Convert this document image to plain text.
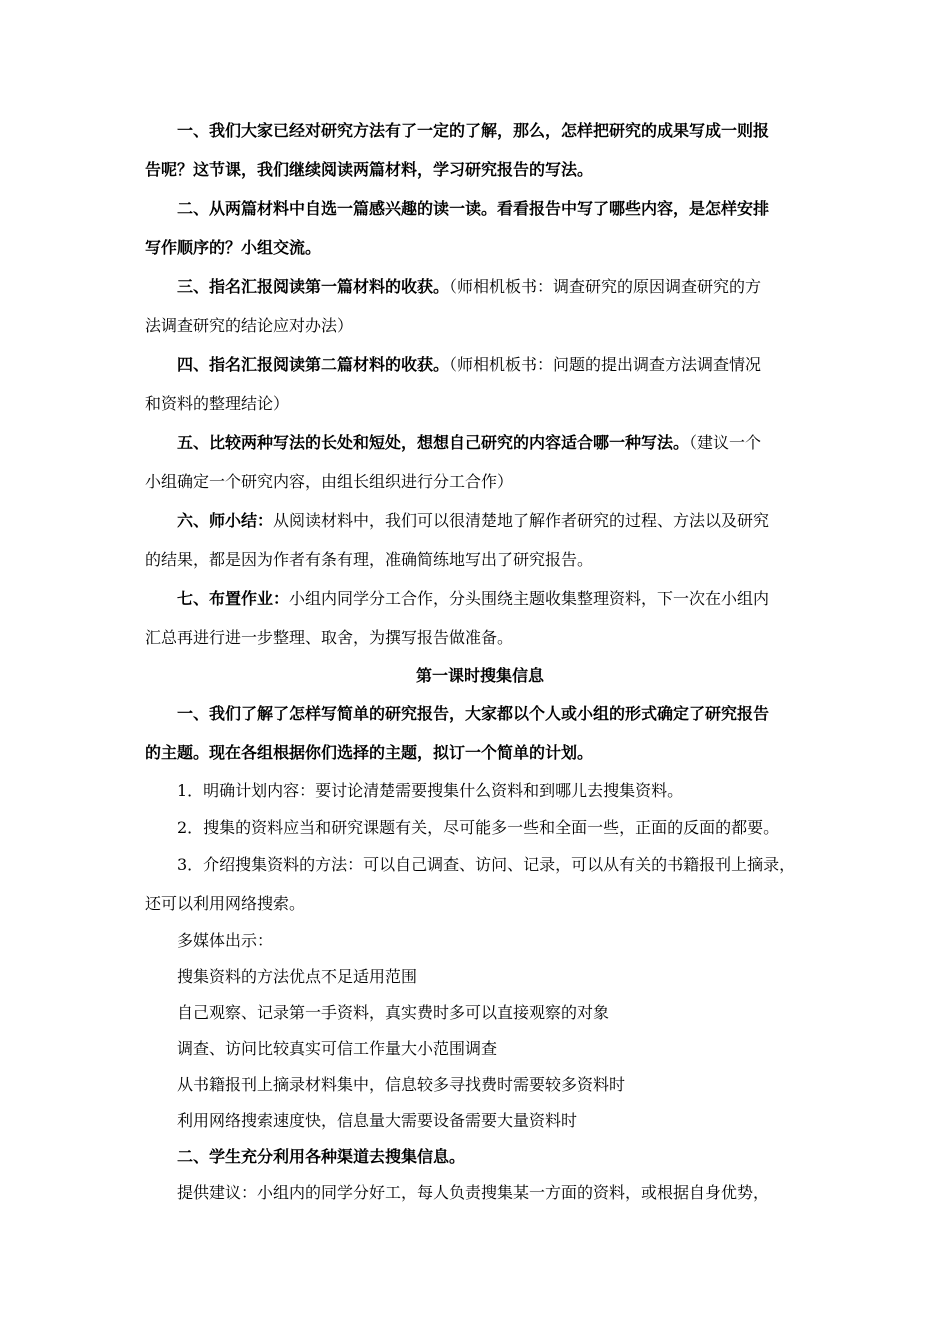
一、我们大家已经对研究方法有了一定的了解，那么，怎样把研究的成果写成一则报
告呢？这节课，我们继续阅读两篇材料，学习研究报告的写法。
二、从两篇材料中自选一篇感兴趣的读一读。看看报告中写了哪些内容，是怎样安排
写作顺序的？小组交流。
三、指名汇报阅读第一篇材料的收获。（师相机板书：调查研究的原因调查研究的方
法调查研究的结论应对办法）
四、指名汇报阅读第二篇材料的收获。（师相机板书：问题的提出调查方法调查情况
和资料的整理结论）
五、比较两种写法的长处和短处，想想自己研究的内容适合哪一种写法。（建议一个
小组确定一个研究内容，由组长组织进行分工合作）
六、师小结：从阅读材料中，我们可以很清楚地了解作者研究的过程、方法以及研究
的结果，都是因为作者有条有理，准确简练地写出了研究报告。
七、布置作业：小组内同学分工合作，分头围绕主题收集整理资料，下一次在小组内
汇总再进行进一步整理、取舍，为撰写报告做准备。
第一课时搜集信息
一、我们了解了怎样写简单的研究报告，大家都以个人或小组的形式确定了研究报告
的主题。现在各组根据你们选择的主题，拟订一个简单的计划。
1．明确计划内容：要讨论清楚需要搜集什么资料和到哪儿去搜集资料。
2．搜集的资料应当和研究课题有关，尽可能多一些和全面一些，正面的反面的都要。
3．介绍搜集资料的方法：可以自己调查、访问、记录，可以从有关的书籍报刊上摘录，
还可以利用网络搜索。
多媒体出示：
搜集资料的方法优点不足适用范围
自己观察、记录第一手资料，真实费时多可以直接观察的对象
调查、访问比较真实可信工作量大小范围调查
从书籍报刊上摘录材料集中，信息较多寻找费时需要较多资料时
利用网络搜索速度快，信息量大需要设备需要大量资料时
二、学生充分利用各种渠道去搜集信息。
提供建议：小组内的同学分好工，每人负责搜集某一方面的资料，或根据自身优势，
